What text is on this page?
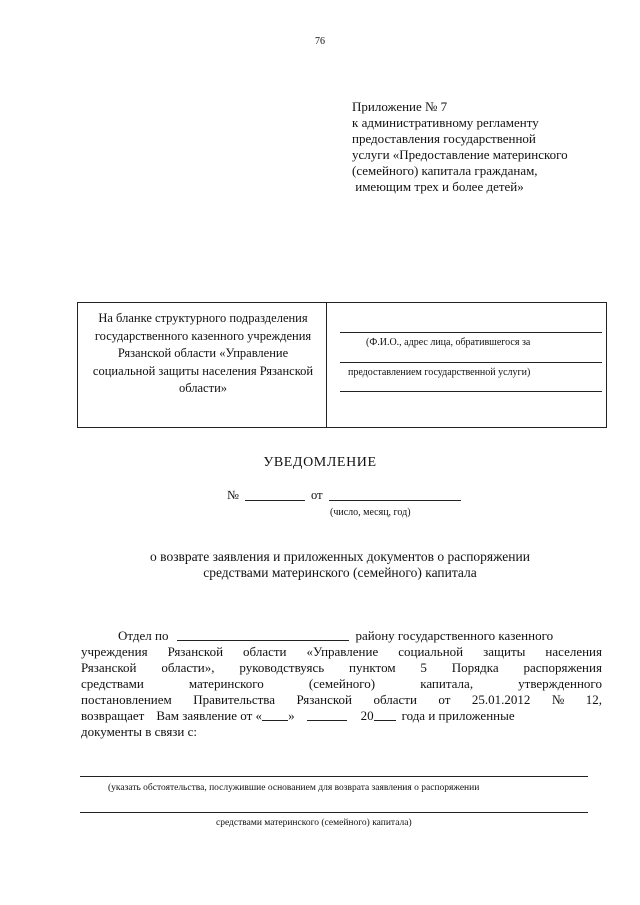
76
Приложение № 7
к административному регламенту
предоставления государственной
услуги «Предоставление материнского
(семейного) капитала гражданам,
имеющим трех и более детей»
На бланке структурного подразделения государственного казенного учреждения Рязанской области «Управление социальной защиты населения Рязанской области»
(Ф.И.О., адрес лица, обратившегося за
предоставлением государственной услуги)
УВЕДОМЛЕНИЕ
№	от
(число, месяц, год)
о возврате заявления и приложенных документов о распоряжении
средствами материнского (семейного) капитала
Отдел по	району государственного казенного
учреждения Рязанской области «Управление социальной защиты населения
Рязанской области», руководствуясь пунктом 5 Порядка распоряжения
средствами	материнского	(семейного)	капитала,	утвержденного
постановлением Правительства Рязанской области от 25.01.2012 № 12,
возвращает Вам заявление от « »	20 года и приложенные
документы в связи с:
(указать обстоятельства, послужившие основанием для возврата заявления о распоряжении
средствами материнского (семейного) капитала)
